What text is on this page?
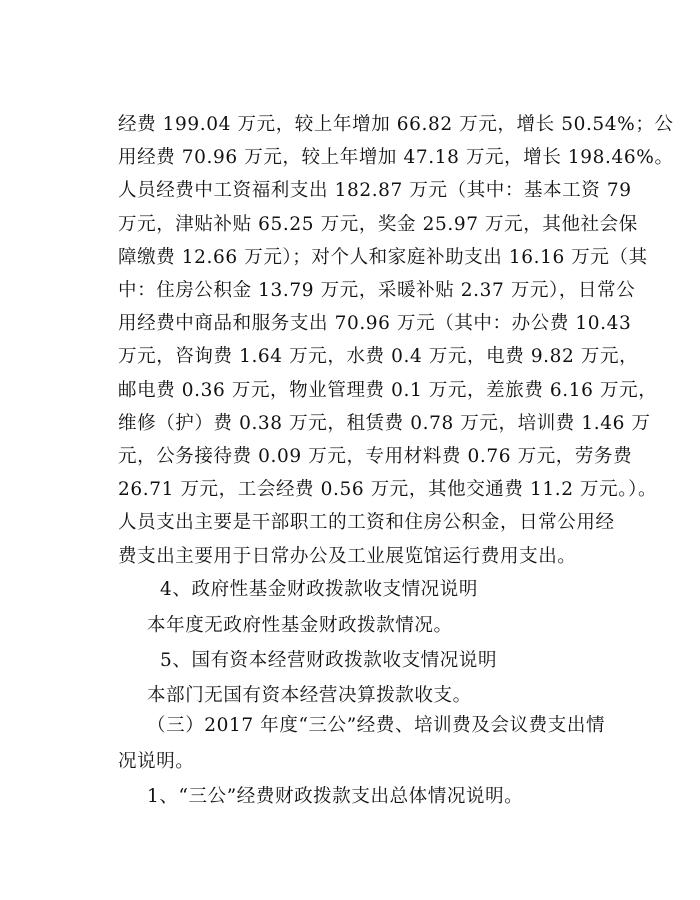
经费 199.04 万元，较上年增加 66.82 万元，增长 50.54%；公
用经费 70.96 万元，较上年增加 47.18 万元，增长 198.46%。
人员经费中工资福利支出 182.87 万元（其中：基本工资 79
万元，津贴补贴 65.25 万元，奖金 25.97 万元，其他社会保
障缴费 12.66 万元）；对个人和家庭补助支出 16.16 万元（其
中：住房公积金 13.79 万元，采暖补贴 2.37 万元），日常公
用经费中商品和服务支出 70.96 万元（其中：办公费 10.43
万元，咨询费 1.64 万元，水费 0.4 万元，电费 9.82 万元，
邮电费 0.36 万元，物业管理费 0.1 万元，差旅费 6.16 万元，
维修（护）费 0.38 万元，租赁费 0.78 万元，培训费 1.46 万
元，公务接待费 0.09 万元，专用材料费 0.76 万元，劳务费
26.71 万元，工会经费 0.56 万元，其他交通费 11.2 万元。）。
人员支出主要是干部职工的工资和住房公积金，日常公用经
费支出主要用于日常办公及工业展览馆运行费用支出。
4、政府性基金财政拨款收支情况说明
本年度无政府性基金财政拨款情况。
5、国有资本经营财政拨款收支情况说明
本部门无国有资本经营决算拨款收支。
（三）2017 年度“三公”经费、培训费及会议费支出情
况说明。
1、“三公”经费财政拨款支出总体情况说明。
